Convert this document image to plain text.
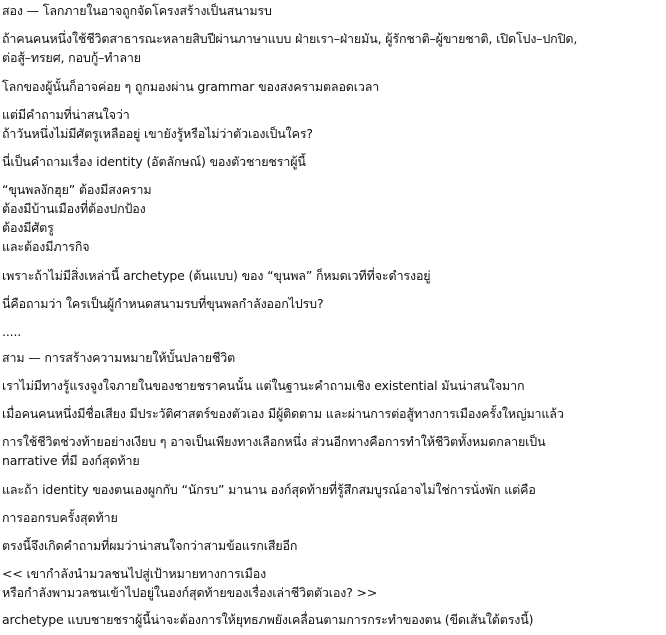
สอง — โลกภายในอาจถูกจัดโครงสร้างเป็นสนามรบ
ถ้าคนคนหนึ่งใช้ชีวิตสาธารณะหลายสิบปีผ่านภาษาแบบ ฝ่ายเรา–ฝ่ายมัน, ผู้รักชาติ–ผู้ขายชาติ, เปิดโปง–ปกปิด,
ต่อสู้–ทรยศ, กอบกู้–ทำลาย
โลกของผู้นั้นก็อาจค่อย ๆ ถูกมองผ่าน grammar ของสงครามตลอดเวลา
แต่มีคำถามที่น่าสนใจว่า
ถ้าวันหนึ่งไม่มีศัตรูเหลืออยู่ เขายังรู้หรือไม่ว่าตัวเองเป็นใคร?
นี่เป็นคำถามเรื่อง identity (อัตลักษณ์) ของตัวชายชราผู้นี้
“ขุนพลงักฮุย” ต้องมีสงคราม
ต้องมีบ้านเมืองที่ต้องปกป้อง
ต้องมีศัตรู
และต้องมีภารกิจ
เพราะถ้าไม่มีสิ่งเหล่านี้ archetype (ต้นแบบ) ของ “ขุนพล” ก็หมดเวทีที่จะดำรงอยู่
นี่คือถามว่า ใครเป็นผู้กำหนดสนามรบที่ขุนพลกำลังออกไปรบ?
.....
สาม — การสร้างความหมายให้บั้นปลายชีวิต
เราไม่มีทางรู้แรงจูงใจภายในของชายชราคนนั้น แต่ในฐานะคำถามเชิง existential มันน่าสนใจมาก
เมื่อคนคนหนึ่งมีชื่อเสียง มีประวัติศาสตร์ของตัวเอง มีผู้ติดตาม และผ่านการต่อสู้ทางการเมืองครั้งใหญ่มาแล้ว
การใช้ชีวิตช่วงท้ายอย่างเงียบ ๆ อาจเป็นเพียงทางเลือกหนึ่ง ส่วนอีกทางคือการทำให้ชีวิตทั้งหมดกลายเป็น
narrative ที่มี องก์สุดท้าย
และถ้า identity ของตนเองผูกกับ “นักรบ” มานาน องก์สุดท้ายที่รู้สึกสมบูรณ์อาจไม่ใช่การนั่งพัก แต่คือ
การออกรบครั้งสุดท้าย
ตรงนี้จึงเกิดคำถามที่ผมว่าน่าสนใจกว่าสามข้อแรกเสียอีก
<< เขากำลังนำมวลชนไปสู่เป้าหมายทางการเมือง
หรือกำลังพามวลชนเข้าไปอยู่ในองก์สุดท้ายของเรื่องเล่าชีวิตตัวเอง? >>
archetype แบบชายชราผู้นี้น่าจะต้องการให้ยุทธภพยังเคลื่อนตามการกระทำของตน (ขีดเส้นใต้ตรงนี้)
